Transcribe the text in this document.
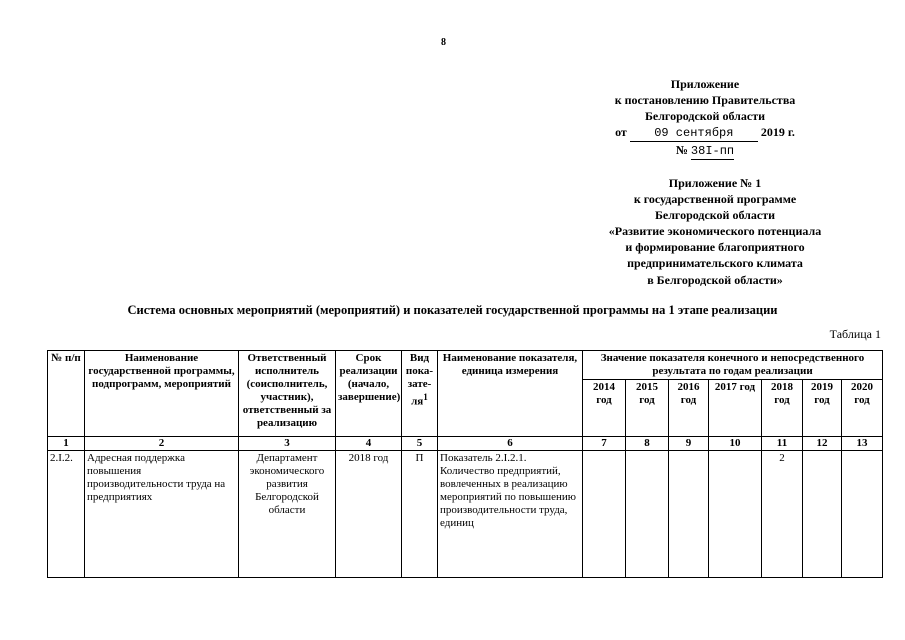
8
Приложение
к постановлению Правительства
Белгородской области
от 09 сентября 2019 г.
№ 38I-пп
Приложение № 1
к государственной программе
Белгородской области
«Развитие экономического потенциала
и формирование благоприятного
предпринимательского климата
в Белгородской области»
Система основных мероприятий (мероприятий) и показателей государственной программы на 1 этапе реализации
Таблица 1
№ п/п	Наименование государственной программы, подпрограмм, мероприятий	Ответственный исполнитель (соисполнитель, участник), ответственный за реализацию	Срок реализации (начало, завершение)	Вид пока-$зате-ля^1$	Наименование показателя, единица измерения	Значение показателя конечного и непосредственного результата по годам реализации						
						2014 год	2015 год	2016 год	2017 год	2018 год	2019 год	2020 год
1	2	3	4	5	6	7	8	9	10	11	12	13
2.I.2.	Адресная поддержка повышения производительности труда на предприятиях	Департамент экономического развития Белгородской области	2018 год	П	Показатель 2.I.2.1. Количество предприятий, вовлеченных в реализацию мероприятий по повышению производительности труда, единиц					2		
